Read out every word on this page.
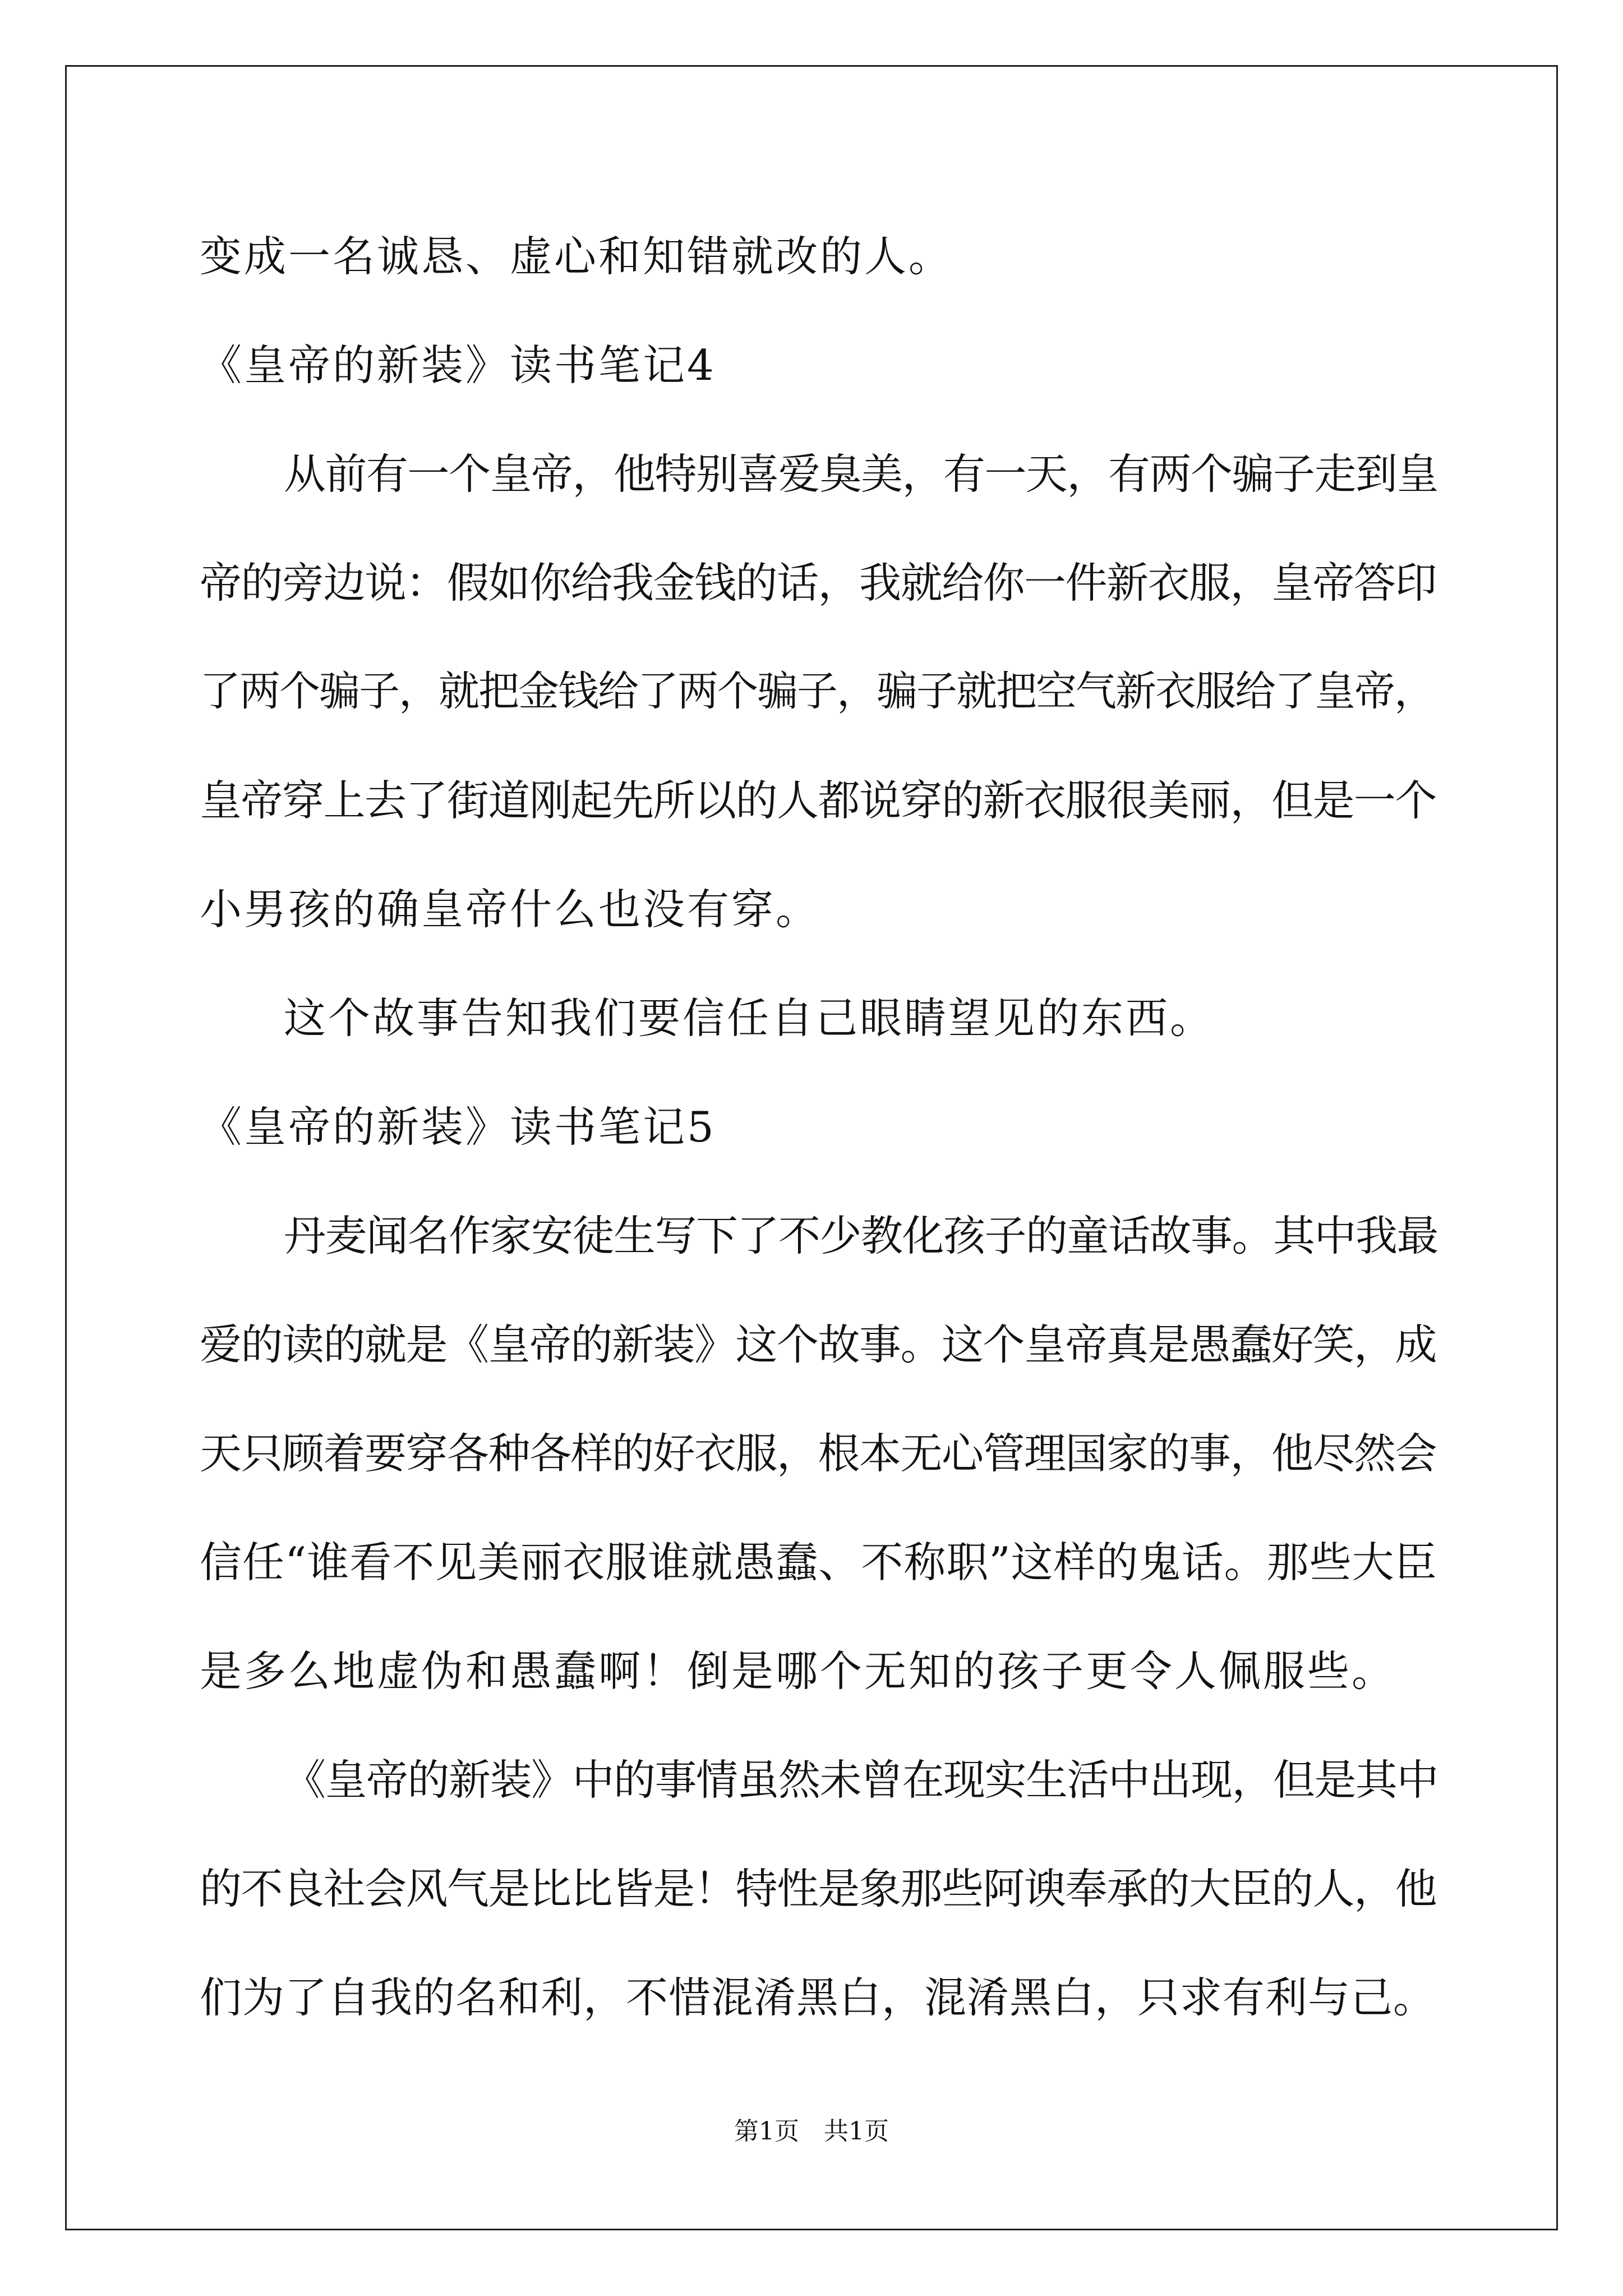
变成一名诚恳、虚心和知错就改的人。
《皇帝的新装》读书笔记4
从前有一个皇帝，他特别喜爱臭美，有一天，有两个骗子走到皇
帝的旁边说：假如你给我金钱的话，我就给你一件新衣服，皇帝答印
了两个骗子，就把金钱给了两个骗子，骗子就把空气新衣服给了皇帝，
皇帝穿上去了街道刚起先所以的人都说穿的新衣服很美丽，但是一个
小男孩的确皇帝什么也没有穿。
这个故事告知我们要信任自己眼睛望见的东西。
《皇帝的新装》读书笔记5
丹麦闻名作家安徒生写下了不少教化孩子的童话故事。其中我最
爱的读的就是《皇帝的新装》这个故事。这个皇帝真是愚蠢好笑，成
天只顾着要穿各种各样的好衣服，根本无心管理国家的事，他尽然会
信任“谁看不见美丽衣服谁就愚蠢、不称职”这样的鬼话。那些大臣
是多么地虚伪和愚蠢啊！倒是哪个无知的孩子更令人佩服些。
《皇帝的新装》中的事情虽然未曾在现实生活中出现，但是其中
的不良社会风气是比比皆是！特性是象那些阿谀奉承的大臣的人，他
们为了自我的名和利，不惜混淆黑白，混淆黑白，只求有利与己。
第1页　共1页
